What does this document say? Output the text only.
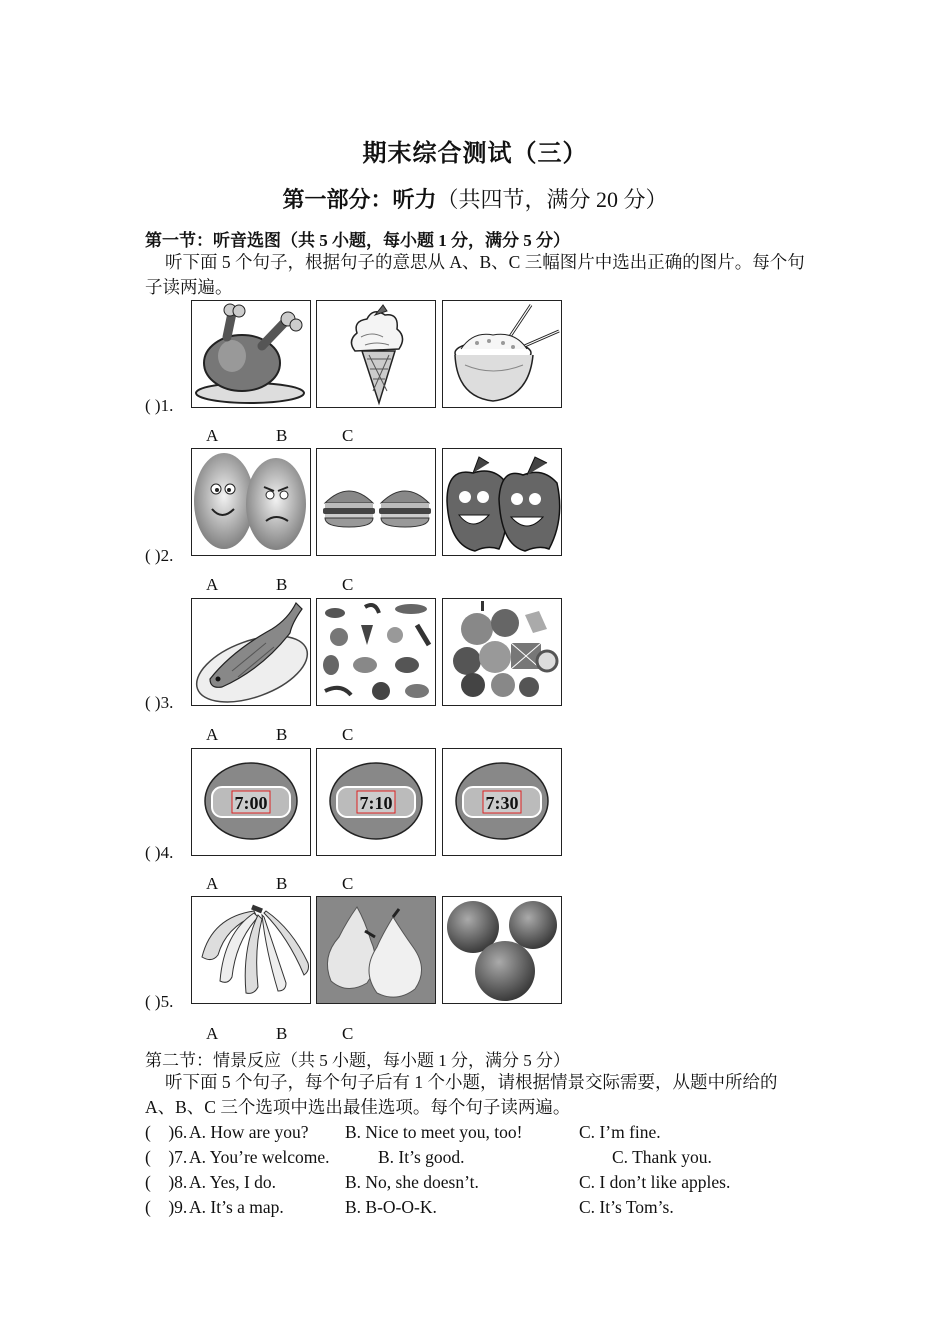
期末综合测试（三）
第一部分：听力（共四节，满分 20 分）
第一节：听音选图（共 5 小题，每小题 1 分，满分 5 分）
听下面 5 个句子，根据句子的意思从 A、B、C 三幅图片中选出正确的图片。每个句子读两遍。
( )1.
A	B	C
( )2.
A	B	C
( )3.
A	B	C
( )4.
7:00	7:10	7:30
A	B	C
( )5.
A	B	C
第二节：情景反应（共 5 小题，每小题 1 分，满分 5 分）
听下面 5 个句子，每个句子后有 1 个小题，请根据情景交际需要，从题中所给的 A、B、C 三个选项中选出最佳选项。每个句子读两遍。

(    )6.

A. How are you?

B. Nice to meet you, too!

	C. I’m fine.

(    )7.

A. You’re welcome.

	B. It’s good.

	C. Thank you.

(    )8.

A. Yes, I do.

	B. No, she doesn’t.

	C. I don’t like apples.

(    )9.

A. It’s a map.

	B. B-O-O-K.

	C. It’s Tom’s.
